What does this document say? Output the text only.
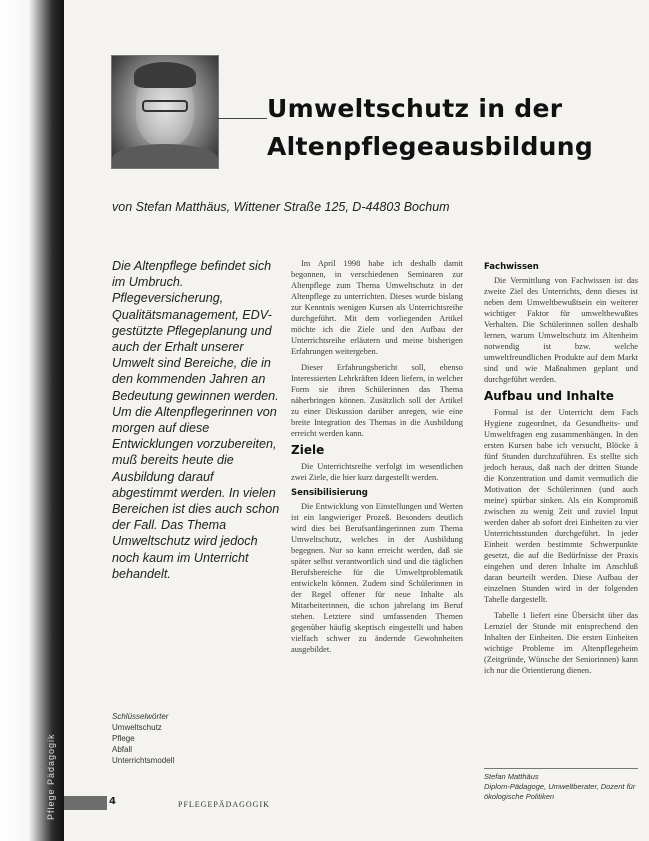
Pflege Pädagogik
Umweltschutz in der
Altenpflegeausbildung
von Stefan Matthäus, Wittener Straße 125, D-44803 Bochum
Die Altenpflege befindet sich im Umbruch. Pflegeversicherung, Qualitätsmanagement, EDV-gestützte Pflegeplanung und auch der Erhalt unserer Umwelt sind Bereiche, die in den kommenden Jahren an Bedeutung gewinnen werden. Um die Altenpflegerinnen von morgen auf diese Entwicklungen vorzubereiten, muß bereits heute die Ausbildung darauf abgestimmt werden. In vielen Bereichen ist dies auch schon der Fall. Das Thema Umweltschutz wird jedoch noch kaum im Unterricht behandelt.
Schlüsselwörter
Umweltschutz
Pflege
Abfall
Unterrichtsmodell

Im April 1998 habe ich deshalb damit begonnen, in verschiedenen Seminaren zur Altenpflege zum Thema Umweltschutz in der Altenpflege zu unterrichten. Dieses wurde bislang zur Kenntnis wenigen Kursen als Unterrichtsreihe durchgeführt. Mit dem vorliegenden Artikel möchte ich die Ziele und den Aufbau der Unterrichtsreihe erläutern und meine bisherigen Erfahrungen weitergeben.

Dieser Erfahrungsbericht soll, ebenso Interessierten Lehrkräften Ideen liefern, in welcher Form sie ihren Schülerinnen das Thema näherbringen können. Zusätzlich soll der Artikel zu einer Diskussion darüber anregen, wie eine breite Integration des Themas in die Ausbildung erreicht werden kann.

Ziele

Die Unterrichtsreihe verfolgt im wesentlichen zwei Ziele, die hier kurz dargestellt werden.

Sensibilisierung

Die Entwicklung von Einstellungen und Werten ist ein langwieriger Prozeß. Besonders deutlich wird dies bei Berufsanfängerinnen zum Thema Umweltschutz, welches in der Ausbildung begegnen. Nur so kann erreicht werden, daß sie später selbst verantwortlich sind und die täglichen Berufsbereiche für die Umweltproblematik entwickeln können. Zudem sind Schülerinnen in der Regel offener für neue Inhalte als Mitarbeiterinnen, die schon jahrelang im Beruf stehen. Letztere sind umfassenden Themen gegenüber häufig skeptisch eingestellt und haben vielfach schwer zu ändernde Gewohnheiten ausgebildet.

Fachwissen

Die Vermittlung von Fachwissen ist das zweite Ziel des Unterrichts, denn dieses ist neben dem Umweltbewußtsein ein weiterer wichtiger Faktor für umweltbewußtes Verhalten. Die Schülerinnen sollen deshalb lernen, warum Umweltschutz im Altenheim notwendig ist bzw. welche umweltfreundlichen Produkte auf dem Markt sind und wie Maßnahmen geplant und durchgeführt werden.

Aufbau und Inhalte

Formal ist der Unterricht dem Fach Hygiene zugeordnet, da Gesundheits- und Umweltfragen eng zusammenhängen. In den ersten Kursen habe ich versucht, Blöcke à fünf Stunden durchzuführen. Es stellte sich jedoch heraus, daß nach der dritten Stunde die Konzentration und damit vermutlich die Motivation der Schülerinnen (und auch meine) spürbar sinken. Als ein Kompromiß zwischen zu wenig Zeit und zuviel Input werden daher ab sofort drei Einheiten zu vier Unterrichtsstunden durchgeführt. In jeder Einheit werden bestimmte Schwerpunkte gesetzt, die auf die Bedürfnisse der Praxis eingehen und deren Inhalte im Anschluß daran beurteilt werden. Diese Aufbau der einzelnen Stunden wird in der folgenden Tabelle dargestellt.

Tabelle 1 liefert eine Übersicht über das Lernziel der Stunde mit entsprechend den Inhalten der Einheiten. Die ersten Einheiten wichtige Probleme im Altenpflegeheim (Zeitgründe, Wünsche der Seniorinnen) kann ich nur die Orientierung dienen.

Stefan Matthäus
Diplom-Pädagoge, Umweltberater, Dozent für ökologische Politiken
4	PFLEGEPÄDAGOGIK
